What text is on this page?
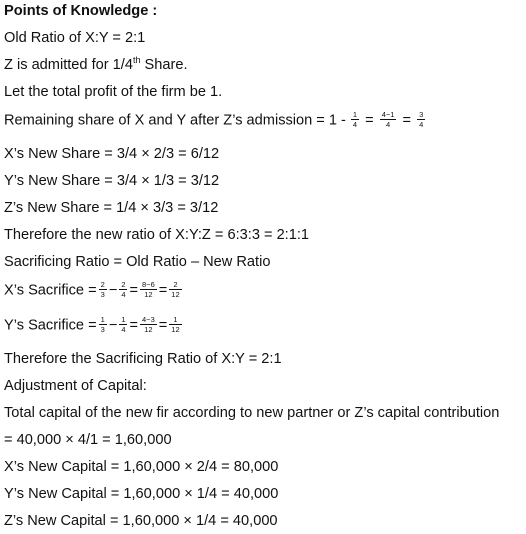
Points of Knowledge :
Old Ratio of X:Y = 2:1
Z is admitted for 1/4th Share.
Let the total profit of the firm be 1.
Remaining share of X and Y after Z’s admission = $1 - \frac{1}{4} = \frac{4-1}{4} = \frac{3}{4}$
X’s New Share = 3/4 × 2/3 = 6/12
Y’s New Share = 3/4 × 1/3 = 3/12
Z’s New Share = 1/4 × 3/3 = 3/12
Therefore the new ratio of X:Y:Z = 6:3:3 = 2:1:1
Sacrificing Ratio = Old Ratio – New Ratio
X’s Sacrifice = $\frac{2}{3} - \frac{2}{4} = \frac{8-6}{12} = \frac{2}{12}$
Y’s Sacrifice = $\frac{1}{3} - \frac{1}{4} = \frac{4-3}{12} = \frac{1}{12}$
Therefore the Sacrificing Ratio of X:Y = 2:1
Adjustment of Capital:
Total capital of the new fir according to new partner or Z’s capital contribution
= 40,000 × 4/1 = 1,60,000
X’s New Capital = 1,60,000 × 2/4 = 80,000
Y’s New Capital = 1,60,000 × 1/4 = 40,000
Z’s New Capital = 1,60,000 × 1/4 = 40,000
